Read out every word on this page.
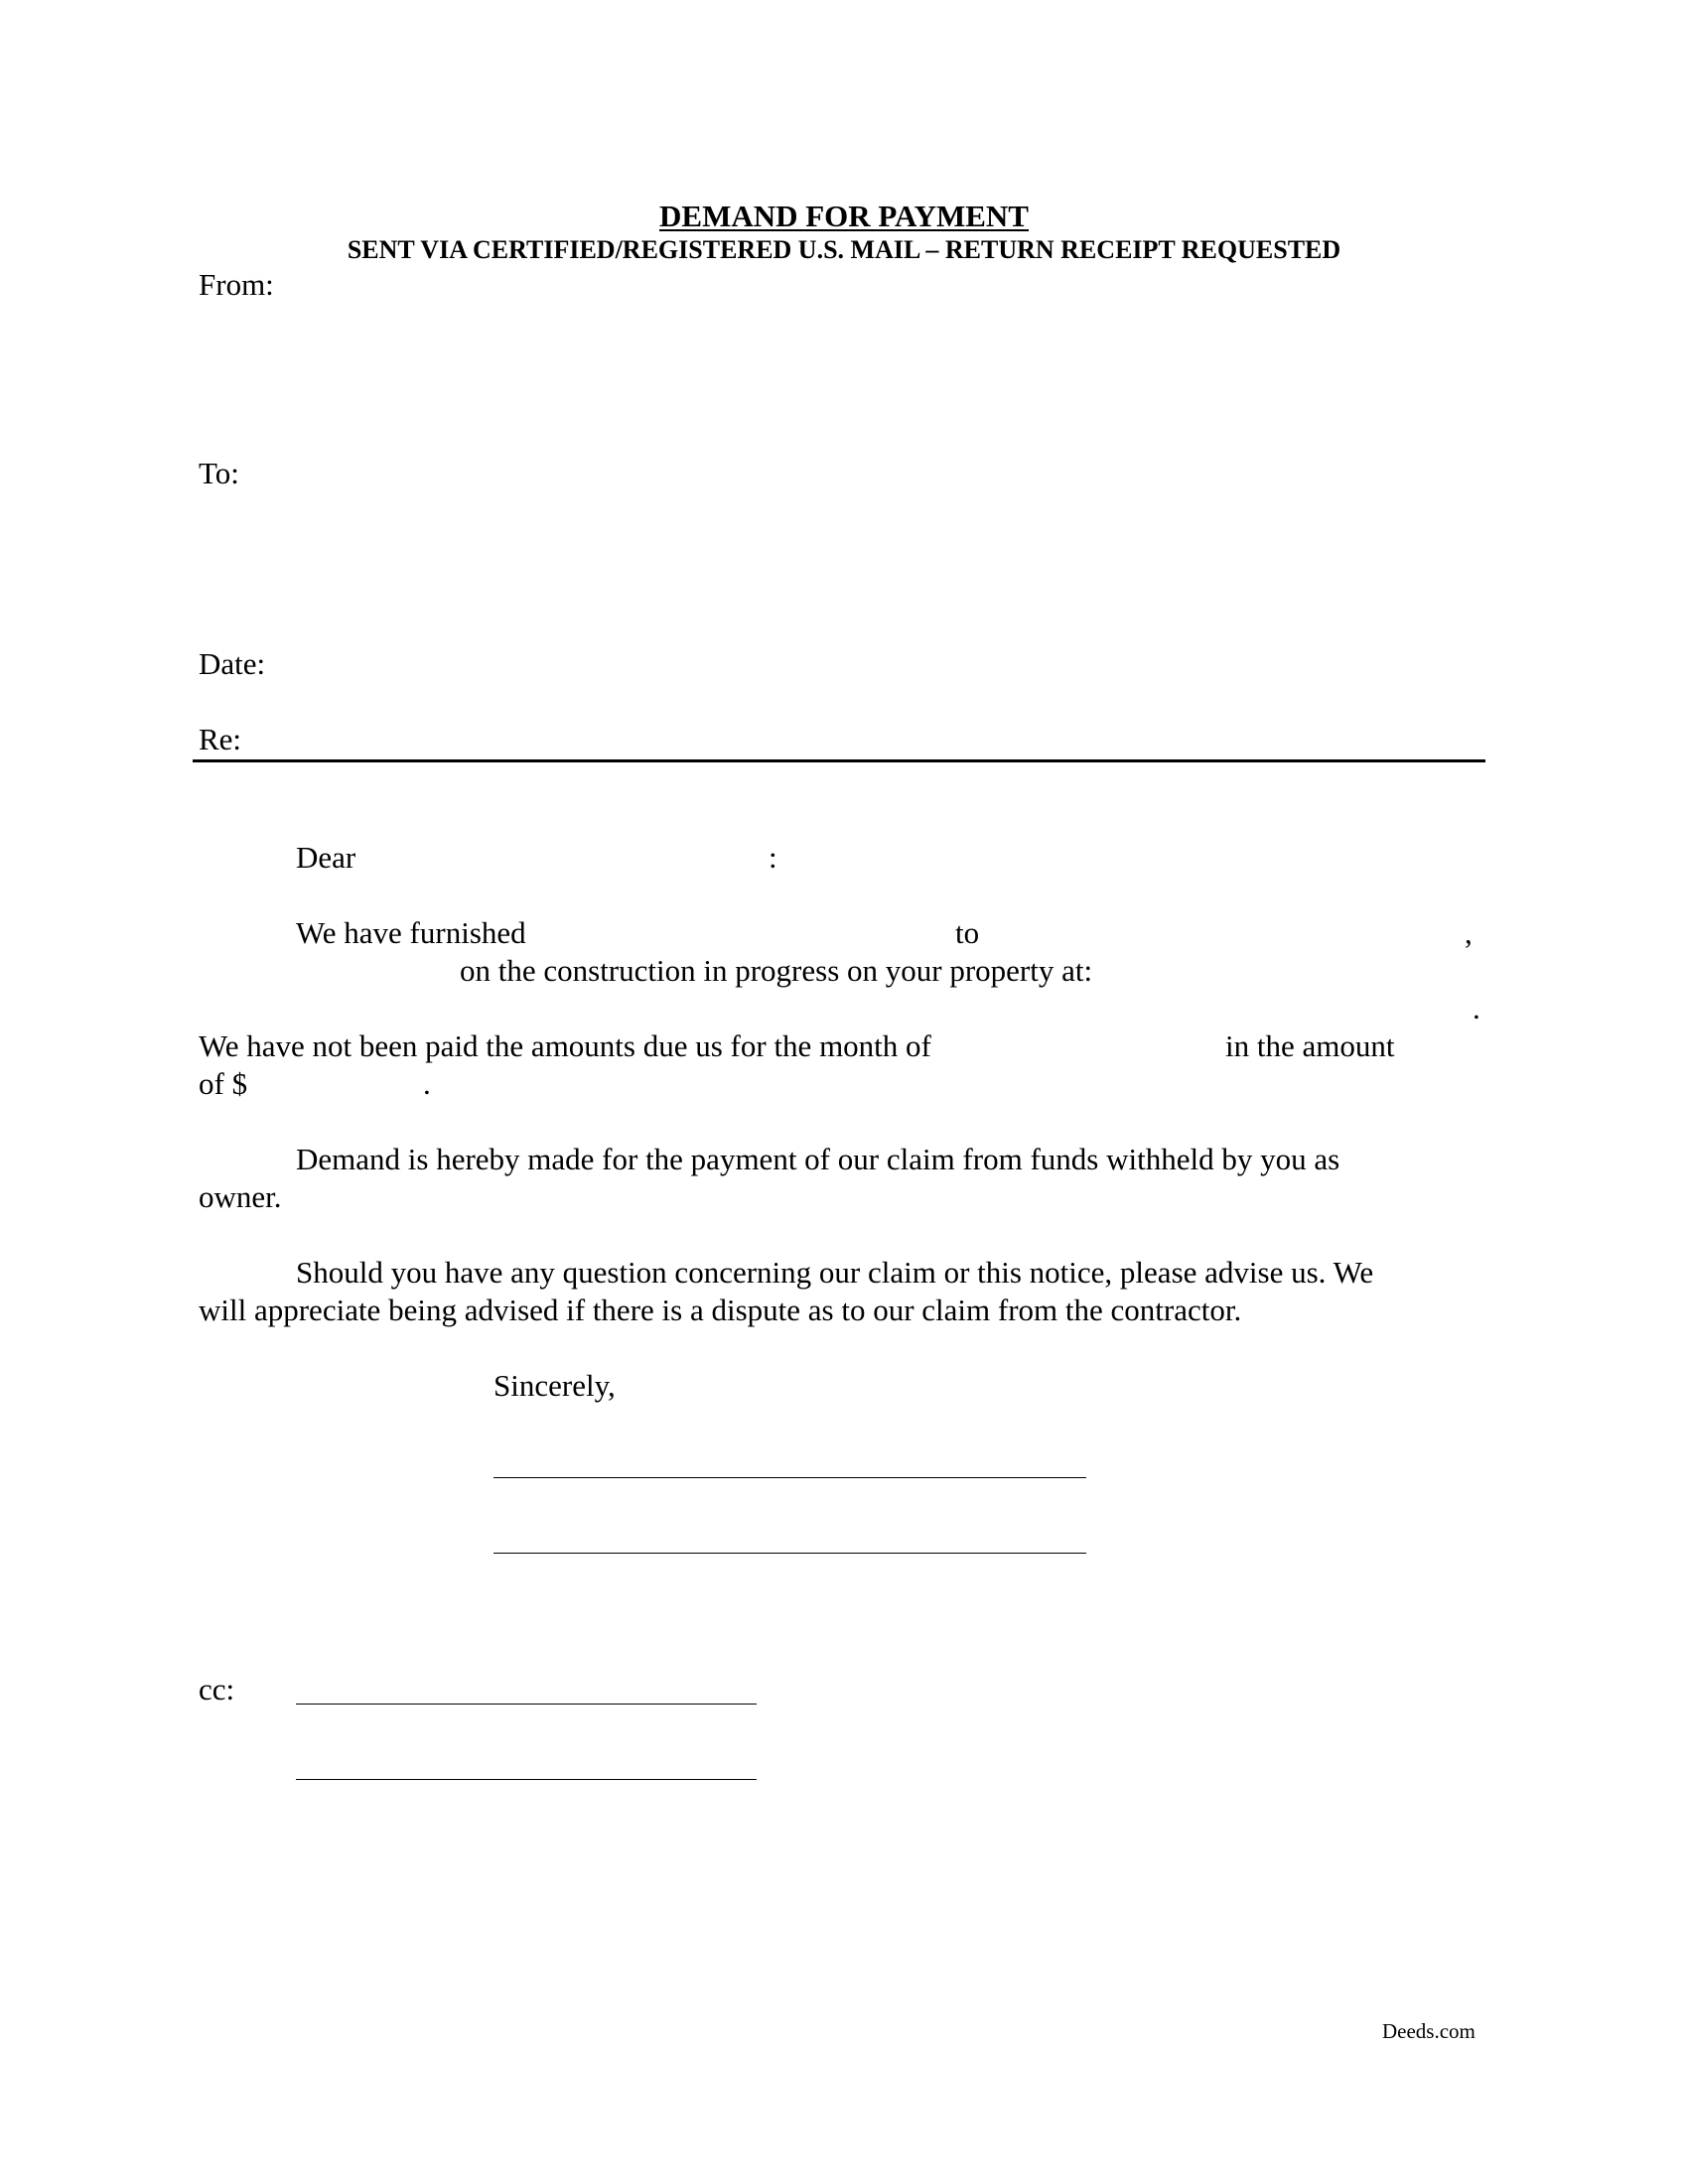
DEMAND FOR PAYMENT
SENT VIA CERTIFIED/REGISTERED U.S. MAIL – RETURN RECEIPT REQUESTED
From:
To:
Date:
Re:
Dear	:
We have furnished	to	,
on the construction in progress on your property at:
.
We have not been paid the amounts due us for the month of	in the amount
of $	.
Demand is hereby made for the payment of our claim from funds withheld by you as
owner.
Should you have any question concerning our claim or this notice, please advise us. We
will appreciate being advised if there is a dispute as to our claim from the contractor.
Sincerely,
cc:
Deeds.com
